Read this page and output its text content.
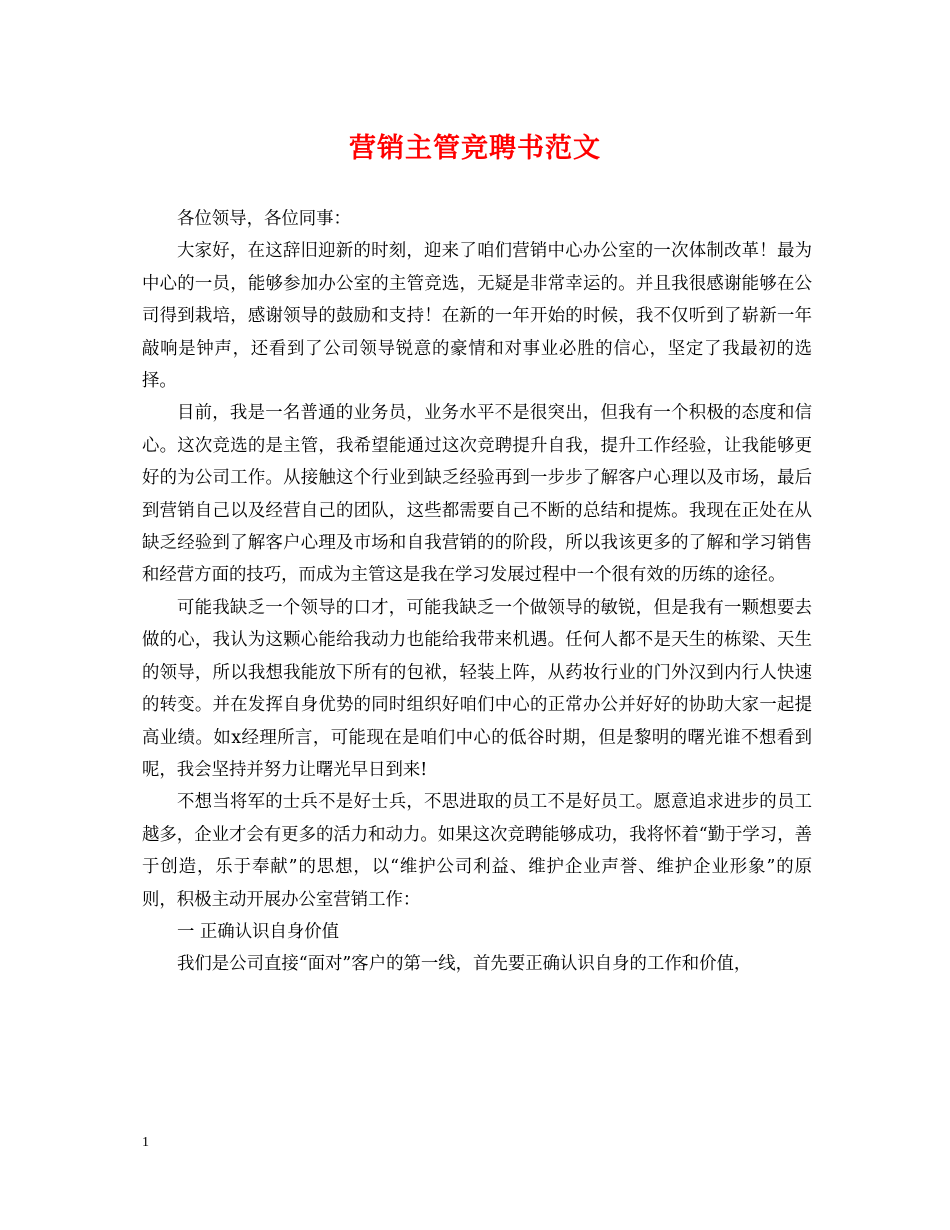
营销主管竞聘书范文

各位领导，各位同事：

大家好，在这辞旧迎新的时刻，迎来了咱们营销中心办公室的一次体制改革！最为中心的一员，能够参加办公室的主管竞选，无疑是非常幸运的。并且我很感谢能够在公司得到栽培，感谢领导的鼓励和支持！在新的一年开始的时候，我不仅听到了崭新一年敲响是钟声，还看到了公司领导锐意的豪情和对事业必胜的信心，坚定了我最初的选择。

目前，我是一名普通的业务员，业务水平不是很突出，但我有一个积极的态度和信心。这次竞选的是主管，我希望能通过这次竞聘提升自我，提升工作经验，让我能够更好的为公司工作。从接触这个行业到缺乏经验再到一步步了解客户心理以及市场，最后到营销自己以及经营自己的团队，这些都需要自己不断的总结和提炼。我现在正处在从缺乏经验到了解客户心理及市场和自我营销的的阶段，所以我该更多的了解和学习销售和经营方面的技巧，而成为主管这是我在学习发展过程中一个很有效的历练的途径。

可能我缺乏一个领导的口才，可能我缺乏一个做领导的敏锐，但是我有一颗想要去做的心，我认为这颗心能给我动力也能给我带来机遇。任何人都不是天生的栋梁、天生的领导，所以我想我能放下所有的包袱，轻装上阵，从药妆行业的门外汉到内行人快速的转变。并在发挥自身优势的同时组织好咱们中心的正常办公并好好的协助大家一起提高业绩。如x经理所言，可能现在是咱们中心的低谷时期，但是黎明的曙光谁不想看到呢，我会坚持并努力让曙光早日到来!

不想当将军的士兵不是好士兵，不思进取的员工不是好员工。愿意追求进步的员工越多，企业才会有更多的活力和动力。如果这次竞聘能够成功，我将怀着“勤于学习，善于创造，乐于奉献”的思想，以“维护公司利益、维护企业声誉、维护企业形象”的原则，积极主动开展办公室营销工作：

一 正确认识自身价值

我们是公司直接“面对”客户的第一线，首先要正确认识自身的工作和价值，

1
